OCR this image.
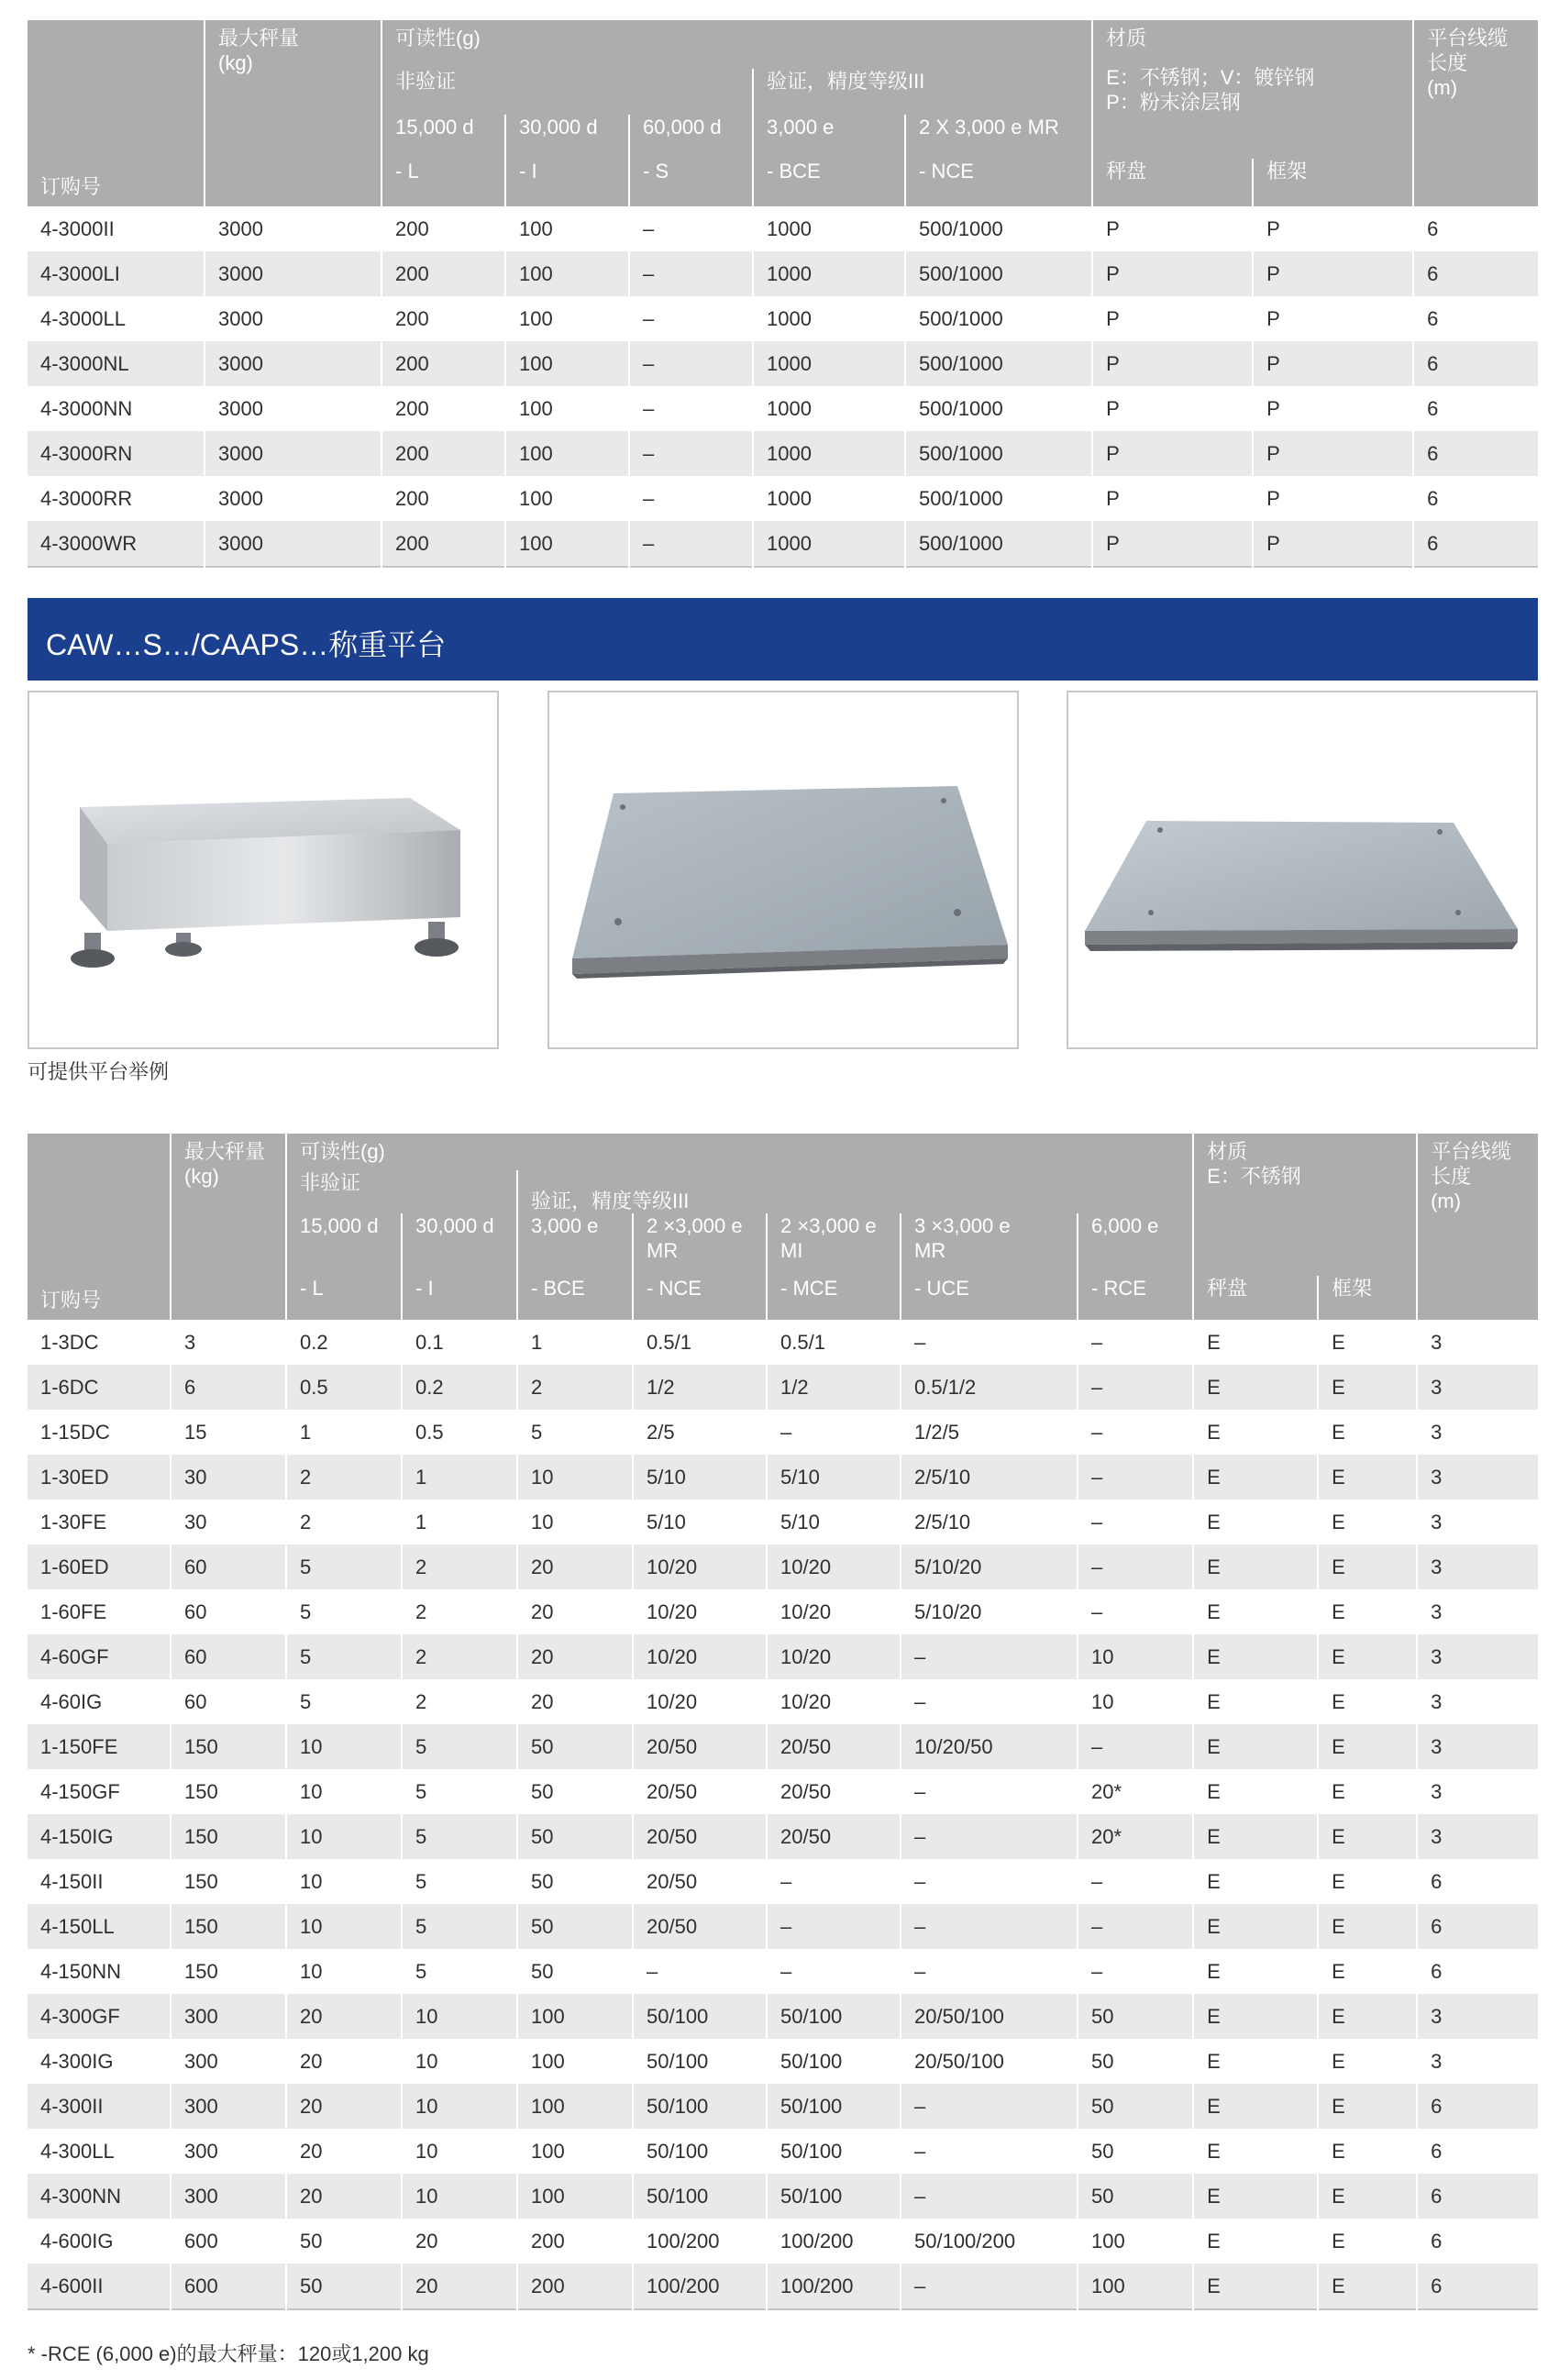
订购号	最大秤量
(kg)	可读性(g)					材质
E：不锈钢；V：镀锌钢
P：粉末涂层钢		平台线缆
长度
(m)
		非验证			验证，精度等级III				
		15,000 d	30,000 d	60,000 d	3,000 e	2 X 3,000 e MR			
		- L	- I	- S	- BCE	- NCE	秤盘	框架	
4-3000II	3000	200	100	–	1000	500/1000	P	P	6
4-3000LI	3000	200	100	–	1000	500/1000	P	P	6
4-3000LL	3000	200	100	–	1000	500/1000	P	P	6
4-3000NL	3000	200	100	–	1000	500/1000	P	P	6
4-3000NN	3000	200	100	–	1000	500/1000	P	P	6
4-3000RN	3000	200	100	–	1000	500/1000	P	P	6
4-3000RR	3000	200	100	–	1000	500/1000	P	P	6
4-3000WR	3000	200	100	–	1000	500/1000	P	P	6
CAW…S…/CAAPS…称重平台
可提供平台举例
订购号	最大秤量
(kg)	可读性(g)							材质
E：不锈钢		平台线缆
长度
(m)
		非验证		验证，精度等级III							
		15,000 d	30,000 d	3,000 e	2 ×3,000 e
MR	2 ×3,000 e
MI	3 ×3,000 e
MR	6,000 e			
		- L	- I	- BCE	- NCE	- MCE	- UCE	- RCE	秤盘	框架	
1-3DC	3	0.2	0.1	1	0.5/1	0.5/1	–	–	E	E	3
1-6DC	6	0.5	0.2	2	1/2	1/2	0.5/1/2	–	E	E	3
1-15DC	15	1	0.5	5	2/5	–	1/2/5	–	E	E	3
1-30ED	30	2	1	10	5/10	5/10	2/5/10	–	E	E	3
1-30FE	30	2	1	10	5/10	5/10	2/5/10	–	E	E	3
1-60ED	60	5	2	20	10/20	10/20	5/10/20	–	E	E	3
1-60FE	60	5	2	20	10/20	10/20	5/10/20	–	E	E	3
4-60GF	60	5	2	20	10/20	10/20	–	10	E	E	3
4-60IG	60	5	2	20	10/20	10/20	–	10	E	E	3
1-150FE	150	10	5	50	20/50	20/50	10/20/50	–	E	E	3
4-150GF	150	10	5	50	20/50	20/50	–	20*	E	E	3
4-150IG	150	10	5	50	20/50	20/50	–	20*	E	E	3
4-150II	150	10	5	50	20/50	–	–	–	E	E	6
4-150LL	150	10	5	50	20/50	–	–	–	E	E	6
4-150NN	150	10	5	50	–	–	–	–	E	E	6
4-300GF	300	20	10	100	50/100	50/100	20/50/100	50	E	E	3
4-300IG	300	20	10	100	50/100	50/100	20/50/100	50	E	E	3
4-300II	300	20	10	100	50/100	50/100	–	50	E	E	6
4-300LL	300	20	10	100	50/100	50/100	–	50	E	E	6
4-300NN	300	20	10	100	50/100	50/100	–	50	E	E	6
4-600IG	600	50	20	200	100/200	100/200	50/100/200	100	E	E	6
4-600II	600	50	20	200	100/200	100/200	–	100	E	E	6
* -RCE (6,000 e)的最大秤量：120或1,200 kg
